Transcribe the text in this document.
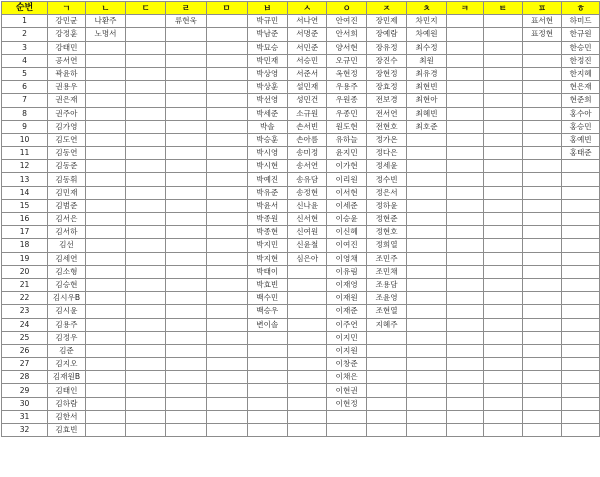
순번	ㄱ	ㄴ	ㄷ	ㄹ	ㅁ	ㅂ	ㅅ	ㅇ	ㅈ	ㅊ	ㅋ	ㅌ	ㅍ	ㅎ
1	강민균	나환주		류현욱		박규민	서나연	안여진	장민제	차민지			표서현	하미드
2	강정훈	노명서				박남준	서명준	안서희	장예람	차예원			표정현	한규원
3	강태민					박묘승	서민준	양서현	장유정	최수정				한승민
4	공서연					박민재	서승민	오규민	장진수	최원				한정진
5	곽윤하					박상영	서준서	옥현정	장현정	최유경				한지혜
6	권용우					박상훈	설민재	우용주	장효정	최현빈				현은재
7	권은재					박선영	성민건	우원종	전보경	최현아				현준희
8	권주아					박세준	소규원	우종민	전서연	최혜빈				홍수아
9	김가영					박솔	손서빈	원도현	전현호	최호준				홍승민
10	김도연					박승훈	손아름	유하늘	정가온					홍예빈
11	김동연					박시영	송미정	윤지민	정다은					홍태준
12	김동준					박시현	송서연	이가현	정세윤					
13	김동휘					박예진	송유담	이리원	정수빈					
14	김민재					박유준	송정현	이서현	정은서					
15	김범준					박윤서	신나윤	이세준	정하윤					
16	김서은					박종원	신서현	이승윤	정현준					
17	김서하					박종현	신여원	이신혜	정현호					
18	김선					박지민	신윤철	이여진	정희열					
19	김세연					박지현	심은아	이영채	조민주					
20	김소형					박태이		이유림	조민채					
21	김승현					박효빈		이재영	조용담					
22	김시우B					백수민		이재원	조윤영					
23	김시윤					백승우		이재준	조현열					
24	김용주					변이솔		이주연	지혜주					
25	김정우							이지민						
26	김준							이지원						
27	김지오							이창준						
28	김재원B							이채은						
29	김태인							이현권						
30	김하람							이현정						
31	김한서													
32	김효빈													
